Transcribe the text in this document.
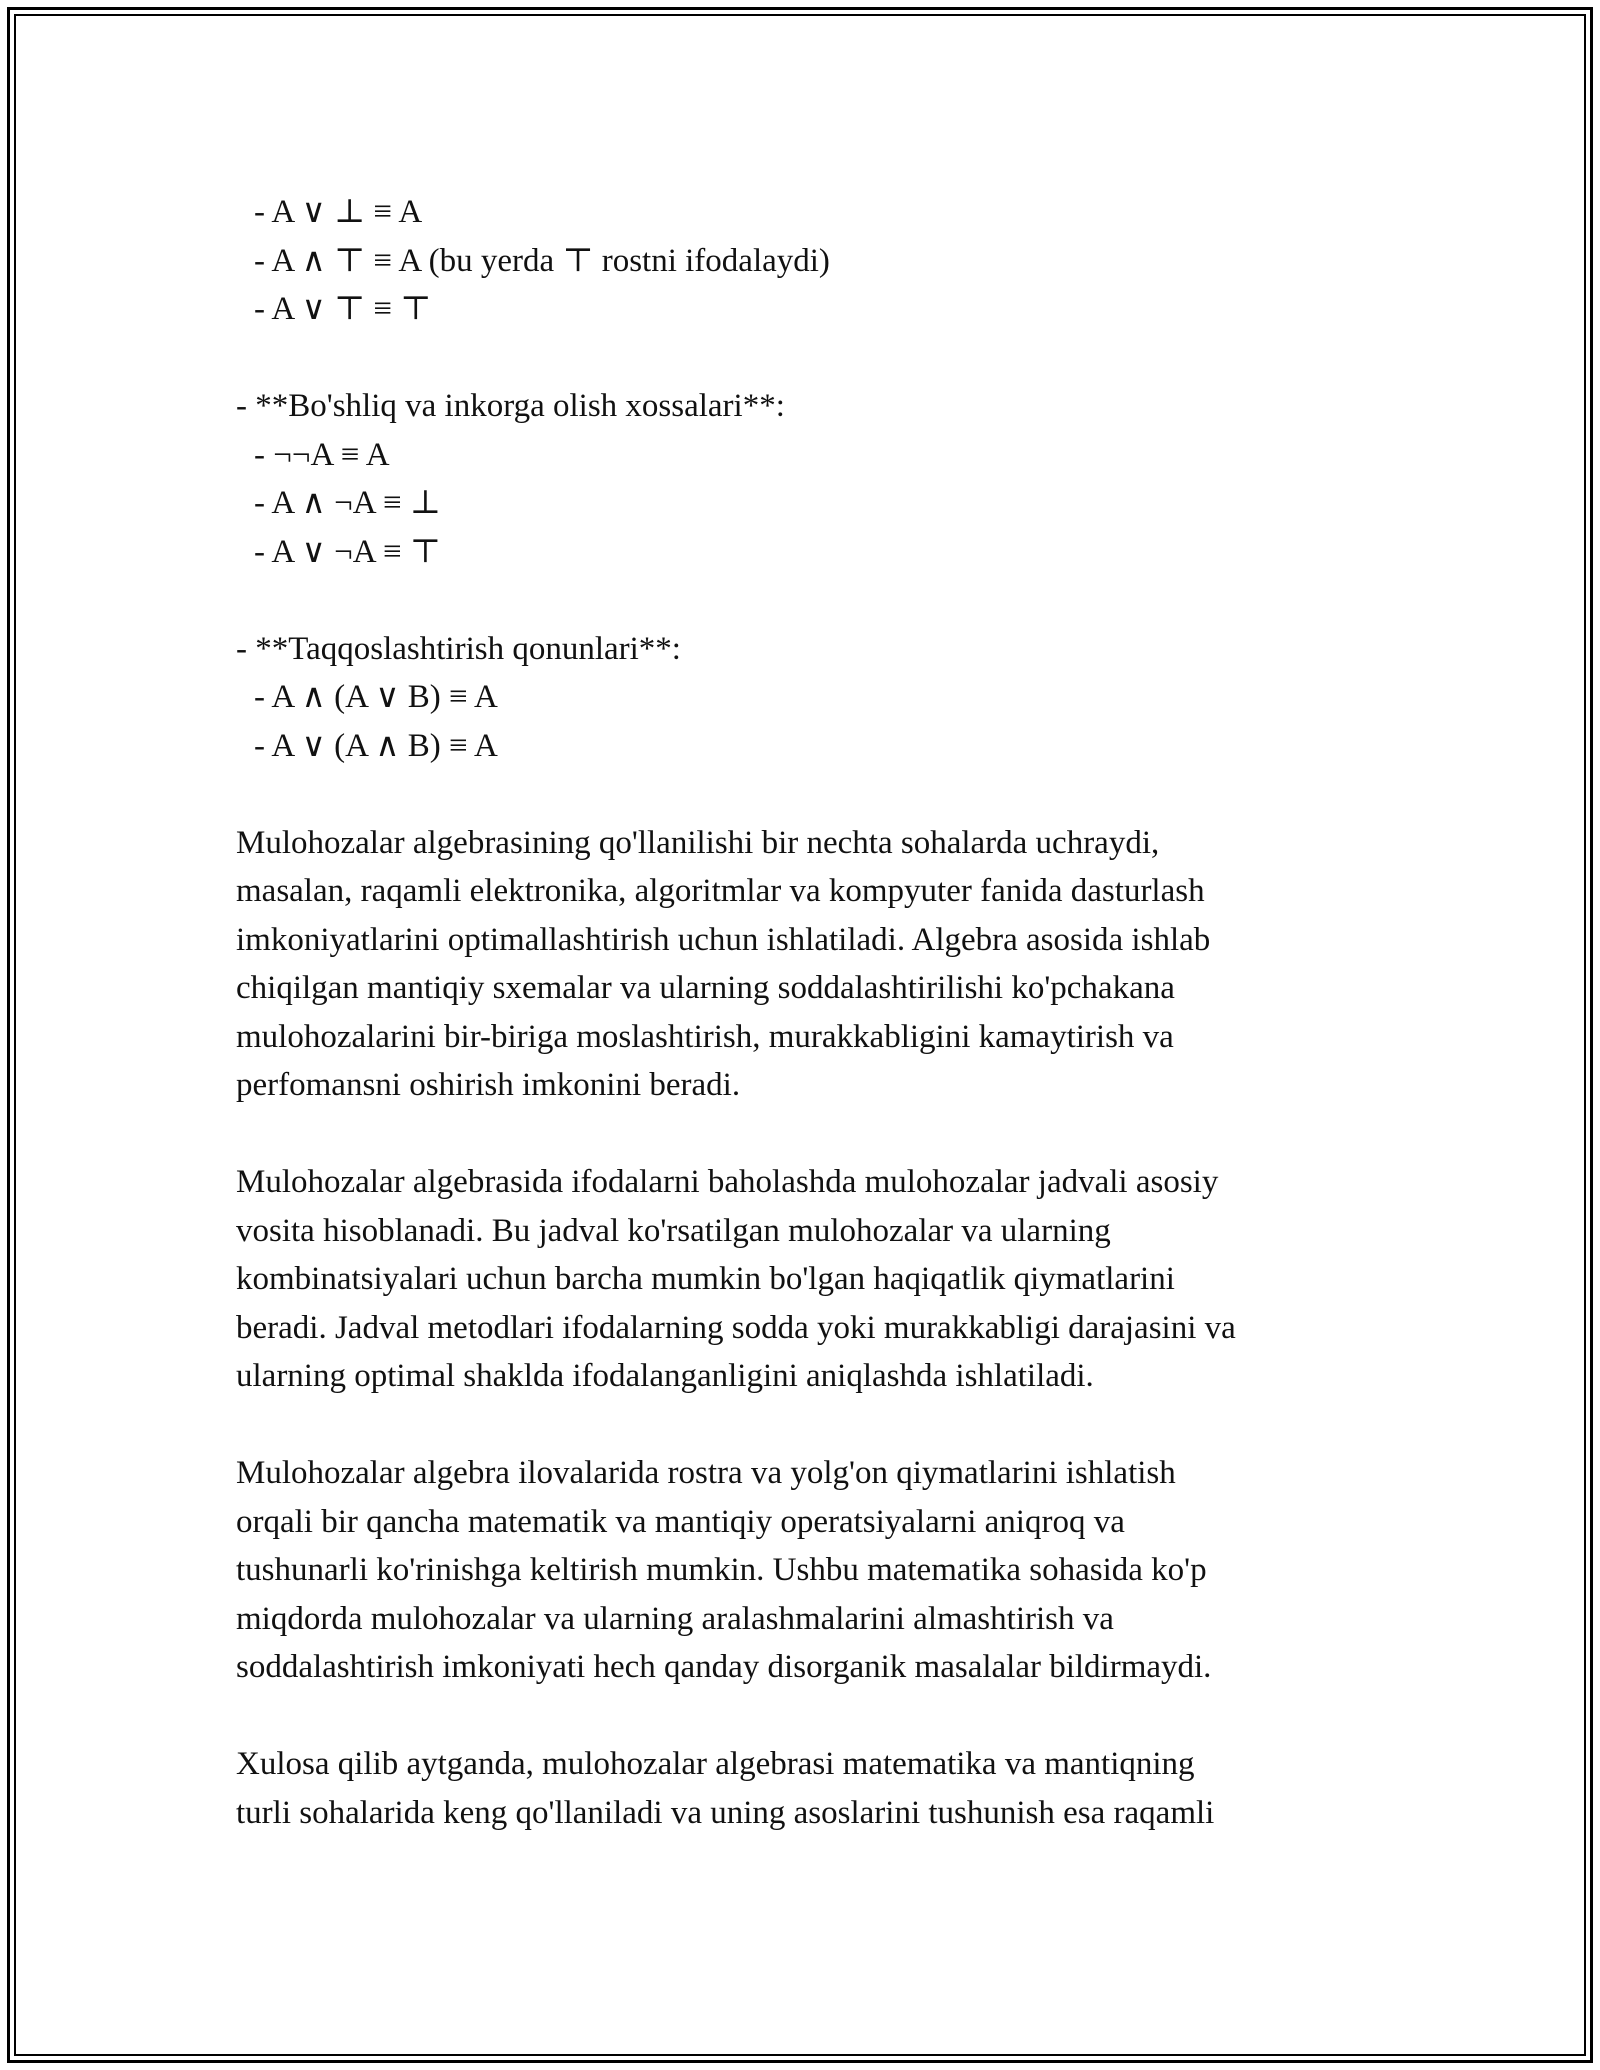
- A ∨ ⊥ ≡ A
- A ∧ ⊤ ≡ A (bu yerda ⊤ rostni ifodalaydi)
- A ∨ ⊤ ≡ ⊤
- **Bo'shliq va inkorga olish xossalari**:
- ¬¬A ≡ A
- A ∧ ¬A ≡ ⊥
- A ∨ ¬A ≡ ⊤
- **Taqqoslashtirish qonunlari**:
- A ∧ (A ∨ B) ≡ A
- A ∨ (A ∧ B) ≡ A
Mulohozalar algebrasining qo'llanilishi bir nechta sohalarda uchraydi,
masalan, raqamli elektronika, algoritmlar va kompyuter fanida dasturlash
imkoniyatlarini optimallashtirish uchun ishlatiladi. Algebra asosida ishlab
chiqilgan mantiqiy sxemalar va ularning soddalashtirilishi ko'pchakana
mulohozalarini bir-biriga moslashtirish, murakkabligini kamaytirish va
perfomansni oshirish imkonini beradi.
Mulohozalar algebrasida ifodalarni baholashda mulohozalar jadvali asosiy
vosita hisoblanadi. Bu jadval ko'rsatilgan mulohozalar va ularning
kombinatsiyalari uchun barcha mumkin bo'lgan haqiqatlik qiymatlarini
beradi. Jadval metodlari ifodalarning sodda yoki murakkabligi darajasini va
ularning optimal shakldа ifodalanganligini aniqlashda ishlatiladi.
Mulohozalar algebra ilovalarida rostra va yolg'on qiymatlarini ishlatish
orqali bir qancha matematik va mantiqiy operatsiyalarni aniqroq va
tushunarli ko'rinishga keltirish mumkin. Ushbu matematika sohasida ko'p
miqdorda mulohozalar va ularning aralashmalarini almashtirish va
soddalashtirish imkoniyati hech qanday disorganik masalalar bildirmaydi.
Xulosa qilib aytganda, mulohozalar algebrasi matematika va mantiqning
turli sohalarida keng qo'llaniladi va uning asoslarini tushunish esa raqamli
